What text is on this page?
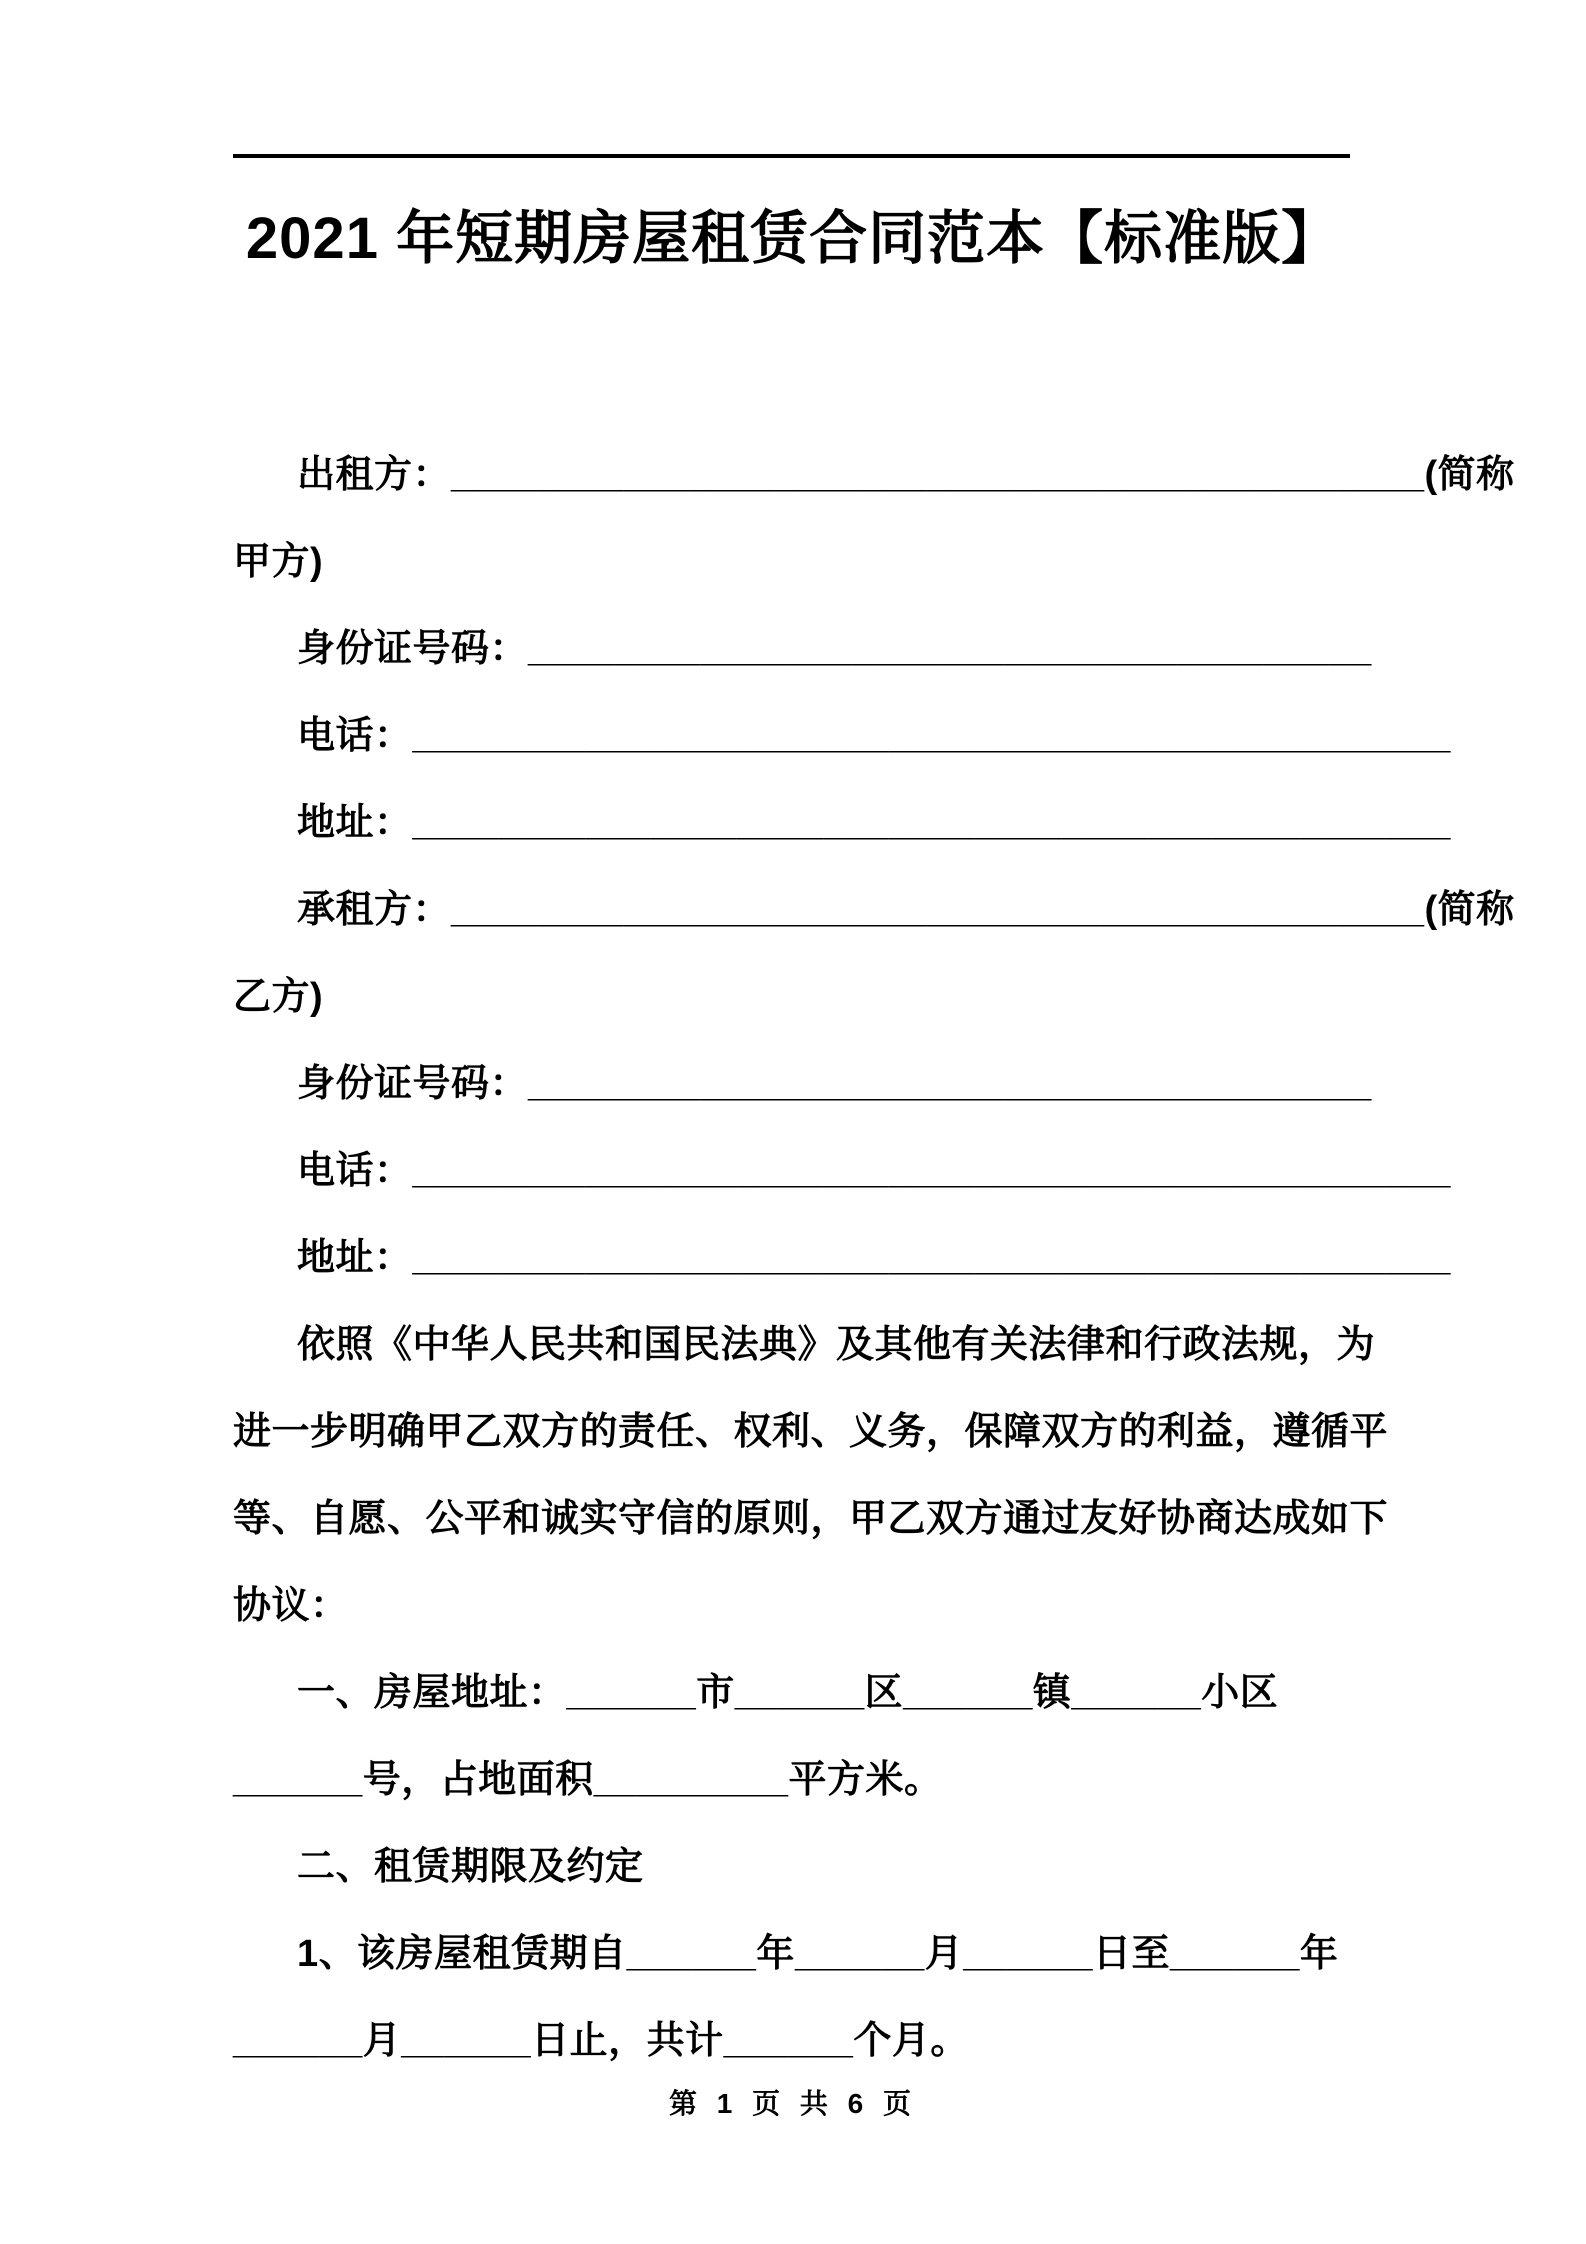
2021 年短期房屋租赁合同范本【标准版】
出租方：_____________________________________________(简称
甲方)
身份证号码：_______________________________________
电话：________________________________________________
地址：________________________________________________
承租方：_____________________________________________(简称
乙方)
身份证号码：_______________________________________
电话：________________________________________________
地址：________________________________________________
依照《中华人民共和国民法典》及其他有关法律和行政法规，为
进一步明确甲乙双方的责任、权利、义务，保障双方的利益，遵循平
等、自愿、公平和诚实守信的原则，甲乙双方通过友好协商达成如下
协议：
一、房屋地址：______市______区______镇______小区
______号，占地面积_________平方米。
二、租赁期限及约定
1、该房屋租赁期自______年______月______日至______年
______月______日止，共计______个月。
第 1 页 共 6 页
